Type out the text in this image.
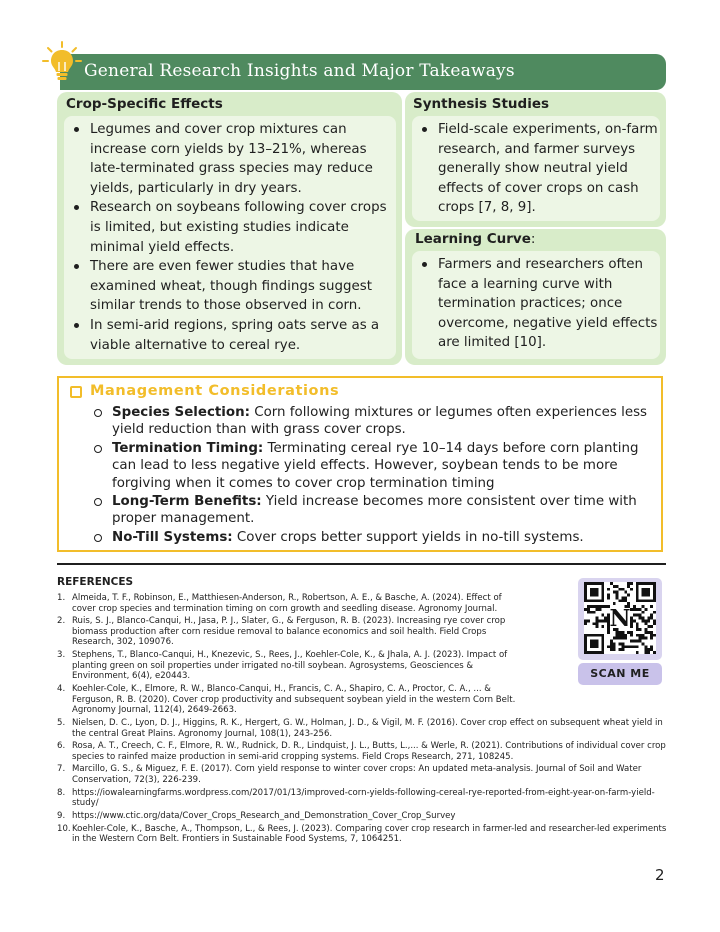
General Research Insights and Major Takeaways
Crop-Specific Effects
Legumes and cover crop mixtures can increase corn yields by 13–21%, whereas late-terminated grass species may reduce yields, particularly in dry years.
Research on soybeans following cover crops is limited, but existing studies indicate minimal yield effects.
There are even fewer studies that have examined wheat, though findings suggest similar trends to those observed in corn.
In semi-arid regions, spring oats serve as a viable alternative to cereal rye.
Synthesis Studies
Field-scale experiments, on-farm research, and farmer surveys generally show neutral yield effects of cover crops on cash crops [7, 8, 9].
Learning Curve:
Farmers and researchers often face a learning curve with termination practices; once overcome, negative yield effects are limited [10].
Management Considerations
Species Selection: Corn following mixtures or legumes often experiences less yield reduction than with grass cover crops.
Termination Timing: Terminating cereal rye 10–14 days before corn planting can lead to less negative yield effects. However, soybean tends to be more forgiving when it comes to cover crop termination timing
Long-Term Benefits: Yield increase becomes more consistent over time with proper management.
No-Till Systems: Cover crops better support yields in no-till systems.
REFERENCES
1. Almeida, T. F., Robinson, E., Matthiesen-Anderson, R., Robertson, A. E., & Basche, A. (2024). Effect of cover crop species and termination timing on corn growth and seedling disease. Agronomy Journal.
2. Ruis, S. J., Blanco-Canqui, H., Jasa, P. J., Slater, G., & Ferguson, R. B. (2023). Increasing rye cover crop biomass production after corn residue removal to balance economics and soil health. Field Crops Research, 302, 109076.
3. Stephens, T., Blanco-Canqui, H., Knezevic, S., Rees, J., Koehler-Cole, K., & Jhala, A. J. (2023). Impact of planting green on soil properties under irrigated no-till soybean. Agrosystems, Geosciences & Environment, 6(4), e20443.
4. Koehler-Cole, K., Elmore, R. W., Blanco-Canqui, H., Francis, C. A., Shapiro, C. A., Proctor, C. A., ... & Ferguson, R. B. (2020). Cover crop productivity and subsequent soybean yield in the western Corn Belt. Agronomy Journal, 112(4), 2649-2663.
5. Nielsen, D. C., Lyon, D. J., Higgins, R. K., Hergert, G. W., Holman, J. D., & Vigil, M. F. (2016). Cover crop effect on subsequent wheat yield in the central Great Plains. Agronomy Journal, 108(1), 243-256.
6. Rosa, A. T., Creech, C. F., Elmore, R. W., Rudnick, D. R., Lindquist, J. L., Butts, L.,... & Werle, R. (2021). Contributions of individual cover crop species to rainfed maize production in semi-arid cropping systems. Field Crops Research, 271, 108245.
7. Marcillo, G. S., & Miguez, F. E. (2017). Corn yield response to winter cover crops: An updated meta-analysis. Journal of Soil and Water Conservation, 72(3), 226-239.
8. https://iowalearningfarms.wordpress.com/2017/01/13/improved-corn-yields-following-cereal-rye-reported-from-eight-year-on-farm-yield-study/
9. https://www.ctic.org/data/Cover_Crops_Research_and_Demonstration_Cover_Crop_Survey
10. Koehler-Cole, K., Basche, A., Thompson, L., & Rees, J. (2023). Comparing cover crop research in farmer-led and researcher-led experiments in the Western Corn Belt. Frontiers in Sustainable Food Systems, 7, 1064251.
N
SCAN ME
2
